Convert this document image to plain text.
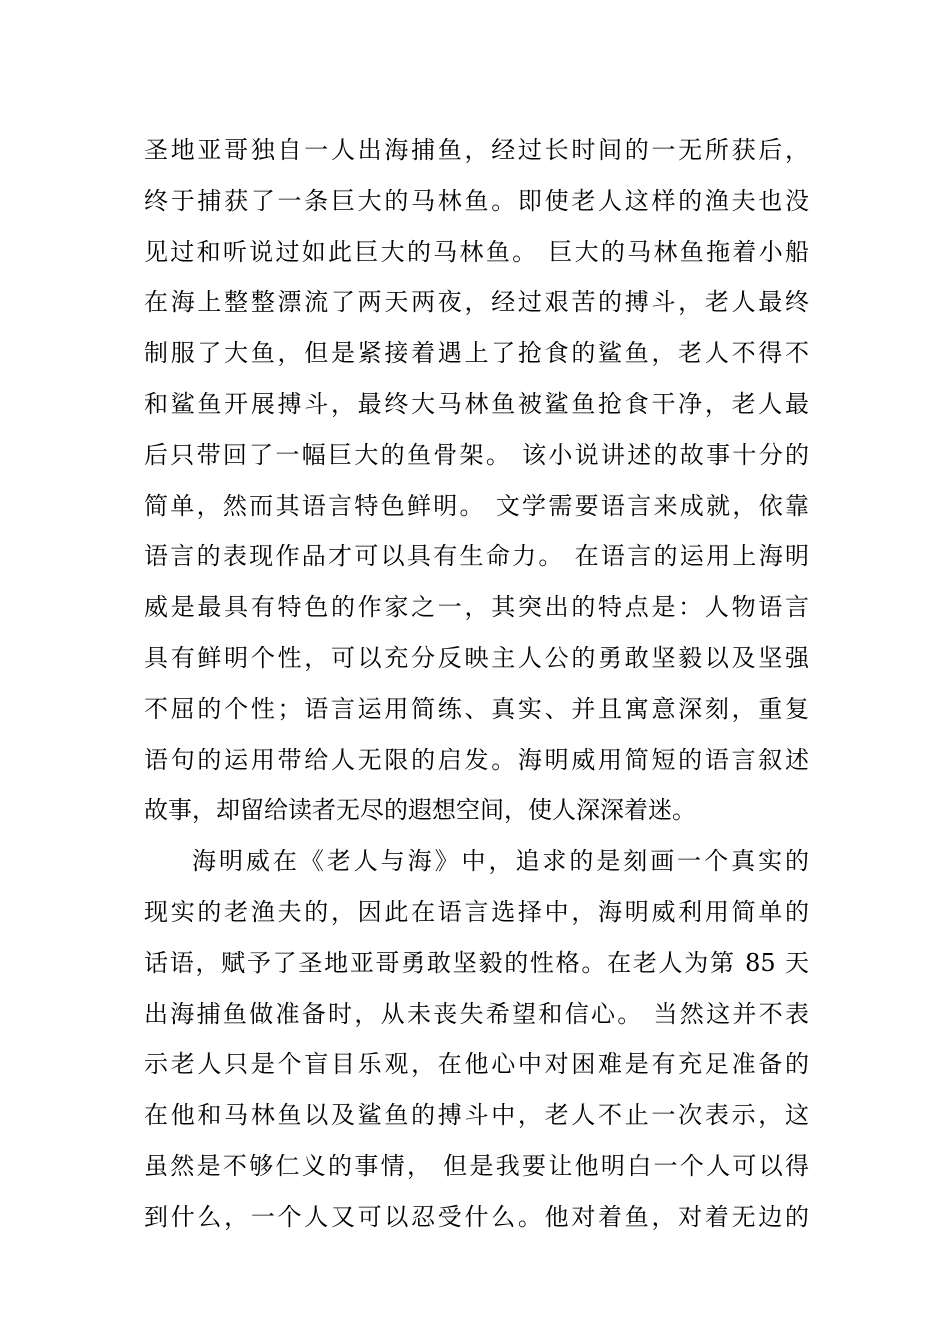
圣地亚哥独自一人出海捕鱼，经过长时间的一无所获后，
终于捕获了一条巨大的马林鱼。即使老人这样的渔夫也没
见过和听说过如此巨大的马林鱼。 巨大的马林鱼拖着小船
在海上整整漂流了两天两夜，经过艰苦的搏斗，老人最终
制服了大鱼，但是紧接着遇上了抢食的鲨鱼，老人不得不
和鲨鱼开展搏斗，最终大马林鱼被鲨鱼抢食干净，老人最
后只带回了一幅巨大的鱼骨架。 该小说讲述的故事十分的
简单，然而其语言特色鲜明。 文学需要语言来成就，依靠
语言的表现作品才可以具有生命力。 在语言的运用上海明
威是最具有特色的作家之一，其突出的特点是：人物语言
具有鲜明个性，可以充分反映主人公的勇敢坚毅以及坚强
不屈的个性；语言运用简练、真实、并且寓意深刻，重复
语句的运用带给人无限的启发。海明威用简短的语言叙述
故事，却留给读者无尽的遐想空间，使人深深着迷。
海明威在《老人与海》中，追求的是刻画一个真实的
现实的老渔夫的，因此在语言选择中，海明威利用简单的
话语，赋予了圣地亚哥勇敢坚毅的性格。在老人为第 85 天
出海捕鱼做准备时，从未丧失希望和信心。 当然这并不表
示老人只是个盲目乐观，在他心中对困难是有充足准备的
在他和马林鱼以及鲨鱼的搏斗中，老人不止一次表示，这
虽然是不够仁义的事情， 但是我要让他明白一个人可以得
到什么，一个人又可以忍受什么。他对着鱼，对着无边的
